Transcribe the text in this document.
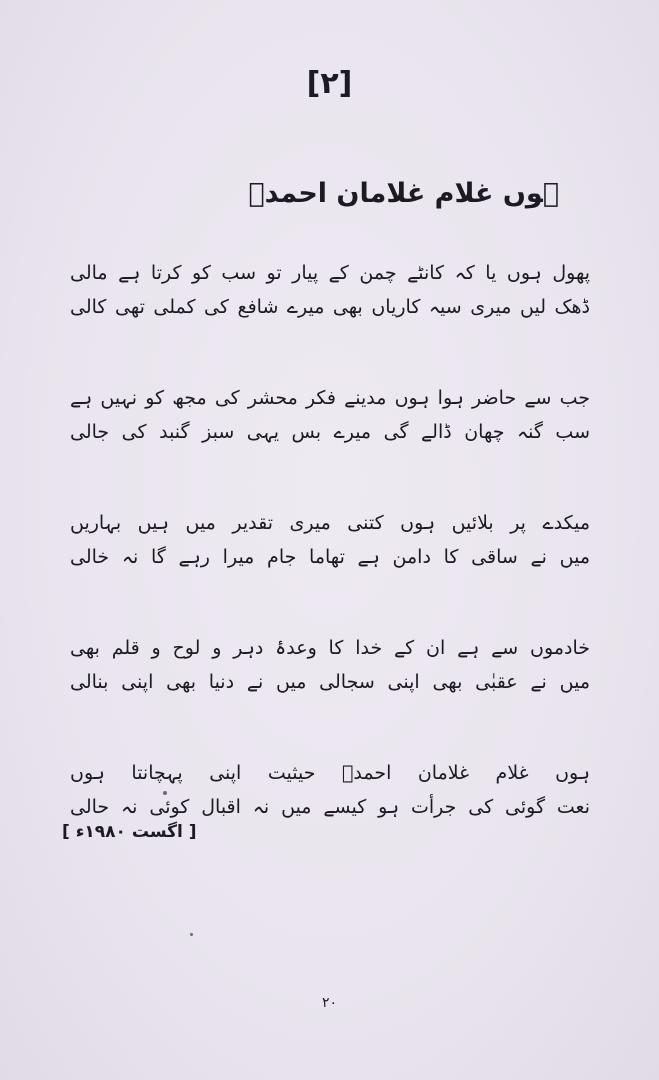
[۲]
ہوں غلام غلامان احمدؐ
پھول ہوں یا کہ کانٹے چمن کے پیار تو سب کو کرتا ہے مالی
ڈھک لیں میری سیہ کاریاں بھی میرے شافع کی کملی تھی کالی
جب سے حاضر ہوا ہوں مدینے فکر محشر کی مجھ کو نہیں ہے
سب گنہ چھان ڈالے گی میرے بس یہی سبز گنبد کی جالی
میکدے پر بلائیں ہوں کتنی میری تقدیر میں ہیں بہاریں
میں نے ساقی کا دامن ہے تھاما جام میرا رہے گا نہ خالی
خادموں سے ہے ان کے خدا کا وعدۂ دہر و لوح و قلم بھی
میں نے عقبٰی بھی اپنی سجالی میں نے دنیا بھی اپنی بنالی
ہوں غلام غلامان احمدؐ حیثیت اپنی پہچانتا ہوں
نعت گوئی کی جرأت ہو کیسے میں نہ اقبال کوئی نہ حالی
[ اگست ۱۹۸۰ء ]
۲۰
